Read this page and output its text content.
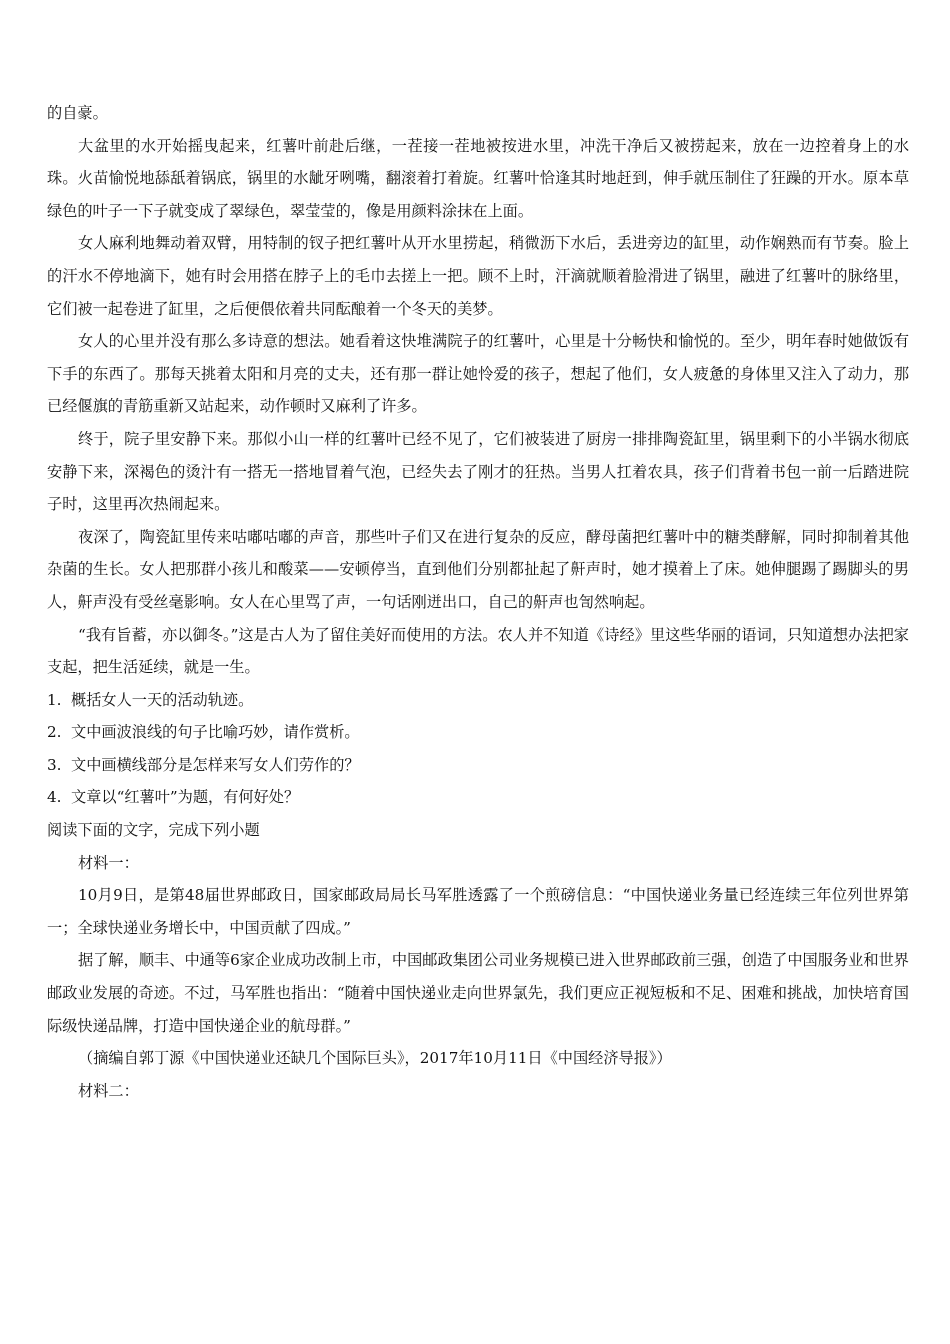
的自豪。

大盆里的水开始摇曳起来，红薯叶前赴后继，一茬接一茬地被按进水里，冲洗干净后又被捞起来，放在一边控着身上的水珠。火苗愉悦地舔舐着锅底，锅里的水龇牙咧嘴，翻滚着打着旋。红薯叶恰逢其时地赶到，伸手就压制住了狂躁的开水。原本草绿色的叶子一下子就变成了翠绿色，翠莹莹的，像是用颜料涂抹在上面。

女人麻利地舞动着双臂，用特制的钗子把红薯叶从开水里捞起，稍微沥下水后，丢进旁边的缸里，动作娴熟而有节奏。脸上的汗水不停地滴下，她有时会用搭在脖子上的毛巾去搓上一把。顾不上时，汗滴就顺着脸滑进了锅里，融进了红薯叶的脉络里，它们被一起卷进了缸里，之后便偎依着共同酝酿着一个冬天的美梦。

女人的心里并没有那么多诗意的想法。她看着这快堆满院子的红薯叶，心里是十分畅快和愉悦的。至少，明年春时她做饭有下手的东西了。那每天挑着太阳和月亮的丈夫，还有那一群让她怜爱的孩子，想起了他们，女人疲惫的身体里又注入了动力，那已经偃旗的青筋重新又站起来，动作顿时又麻利了许多。

终于，院子里安静下来。那似小山一样的红薯叶已经不见了，它们被装进了厨房一排排陶瓷缸里，锅里剩下的小半锅水彻底安静下来，深褐色的烫汁有一搭无一搭地冒着气泡，已经失去了刚才的狂热。当男人扛着农具，孩子们背着书包一前一后踏进院子时，这里再次热闹起来。

夜深了，陶瓷缸里传来咕嘟咕嘟的声音，那些叶子们又在进行复杂的反应，酵母菌把红薯叶中的糖类酵解，同时抑制着其他杂菌的生长。女人把那群小孩儿和酸菜——安顿停当，直到他们分别都扯起了鼾声时，她才摸着上了床。她伸腿踢了踢脚头的男人，鼾声没有受丝毫影响。女人在心里骂了声，一句话刚迸出口，自己的鼾声也訇然响起。

“我有旨蓄，亦以御冬。”这是古人为了留住美好而使用的方法。农人并不知道《诗经》里这些华丽的语词，只知道想办法把家支起，把生活延续，就是一生。

1. 概括女人一天的活动轨迹。

2. 文中画波浪线的句子比喻巧妙，请作赏析。

3. 文中画横线部分是怎样来写女人们劳作的？

4. 文章以“红薯叶”为题，有何好处？

阅读下面的文字，完成下列小题

材料一：

10月9日，是第48届世界邮政日，国家邮政局局长马军胜透露了一个煎磅信息：“中国快递业务量已经连续三年位列世界第一；全球快递业务增长中，中国贡献了四成。”

据了解，顺丰、中通等6家企业成功改制上市，中国邮政集团公司业务规模已进入世界邮政前三强，创造了中国服务业和世界邮政业发展的奇迹。不过，马军胜也指出：“随着中国快递业走向世界氯先，我们更应正视短板和不足、困难和挑战，加快培育国际级快递品牌，打造中国快递企业的航母群。”

（摘编自郭丁源《中国快递业还缺几个国际巨头》，2017年10月11日《中国经济导报》）

材料二：
